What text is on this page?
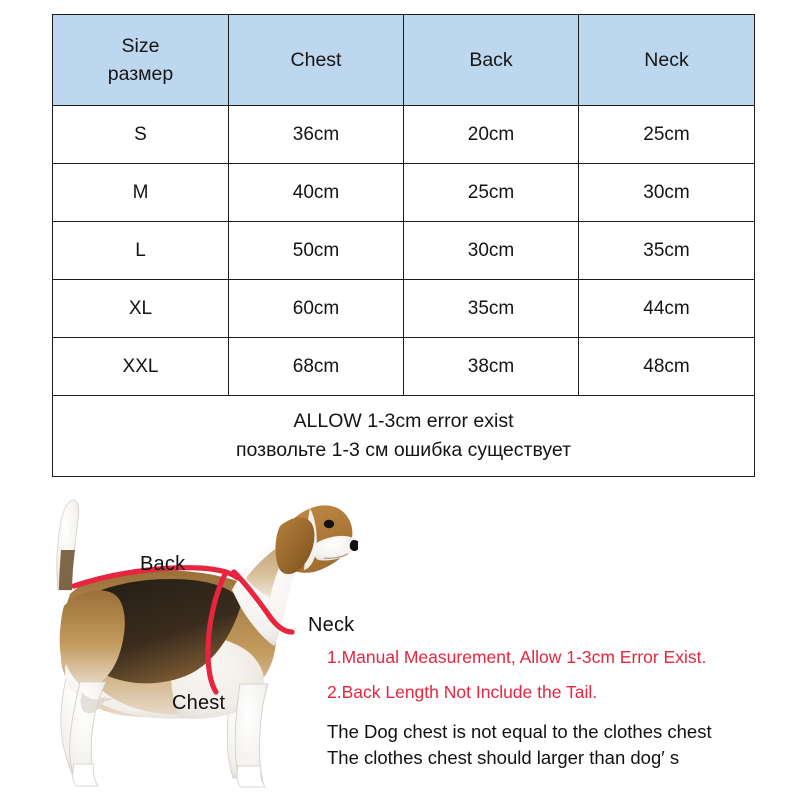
Size
размер	Chest	Back	Neck

S	36cm	20cm	25cm
M	40cm	25cm	30cm
L	50cm	30cm	35cm
XL	60cm	35cm	44cm
XXL	68cm	38cm	48cm

ALLOW 1-3cm error exist
позвольте 1-3 см ошибка существует			
Back
Neck
Chest
1.Manual Measurement, Allow 1-3cm Error Exist.
2.Back Length Not Include the Tail.
The Dog chest is not equal to the clothes chest
The clothes chest should larger than dog′ s
